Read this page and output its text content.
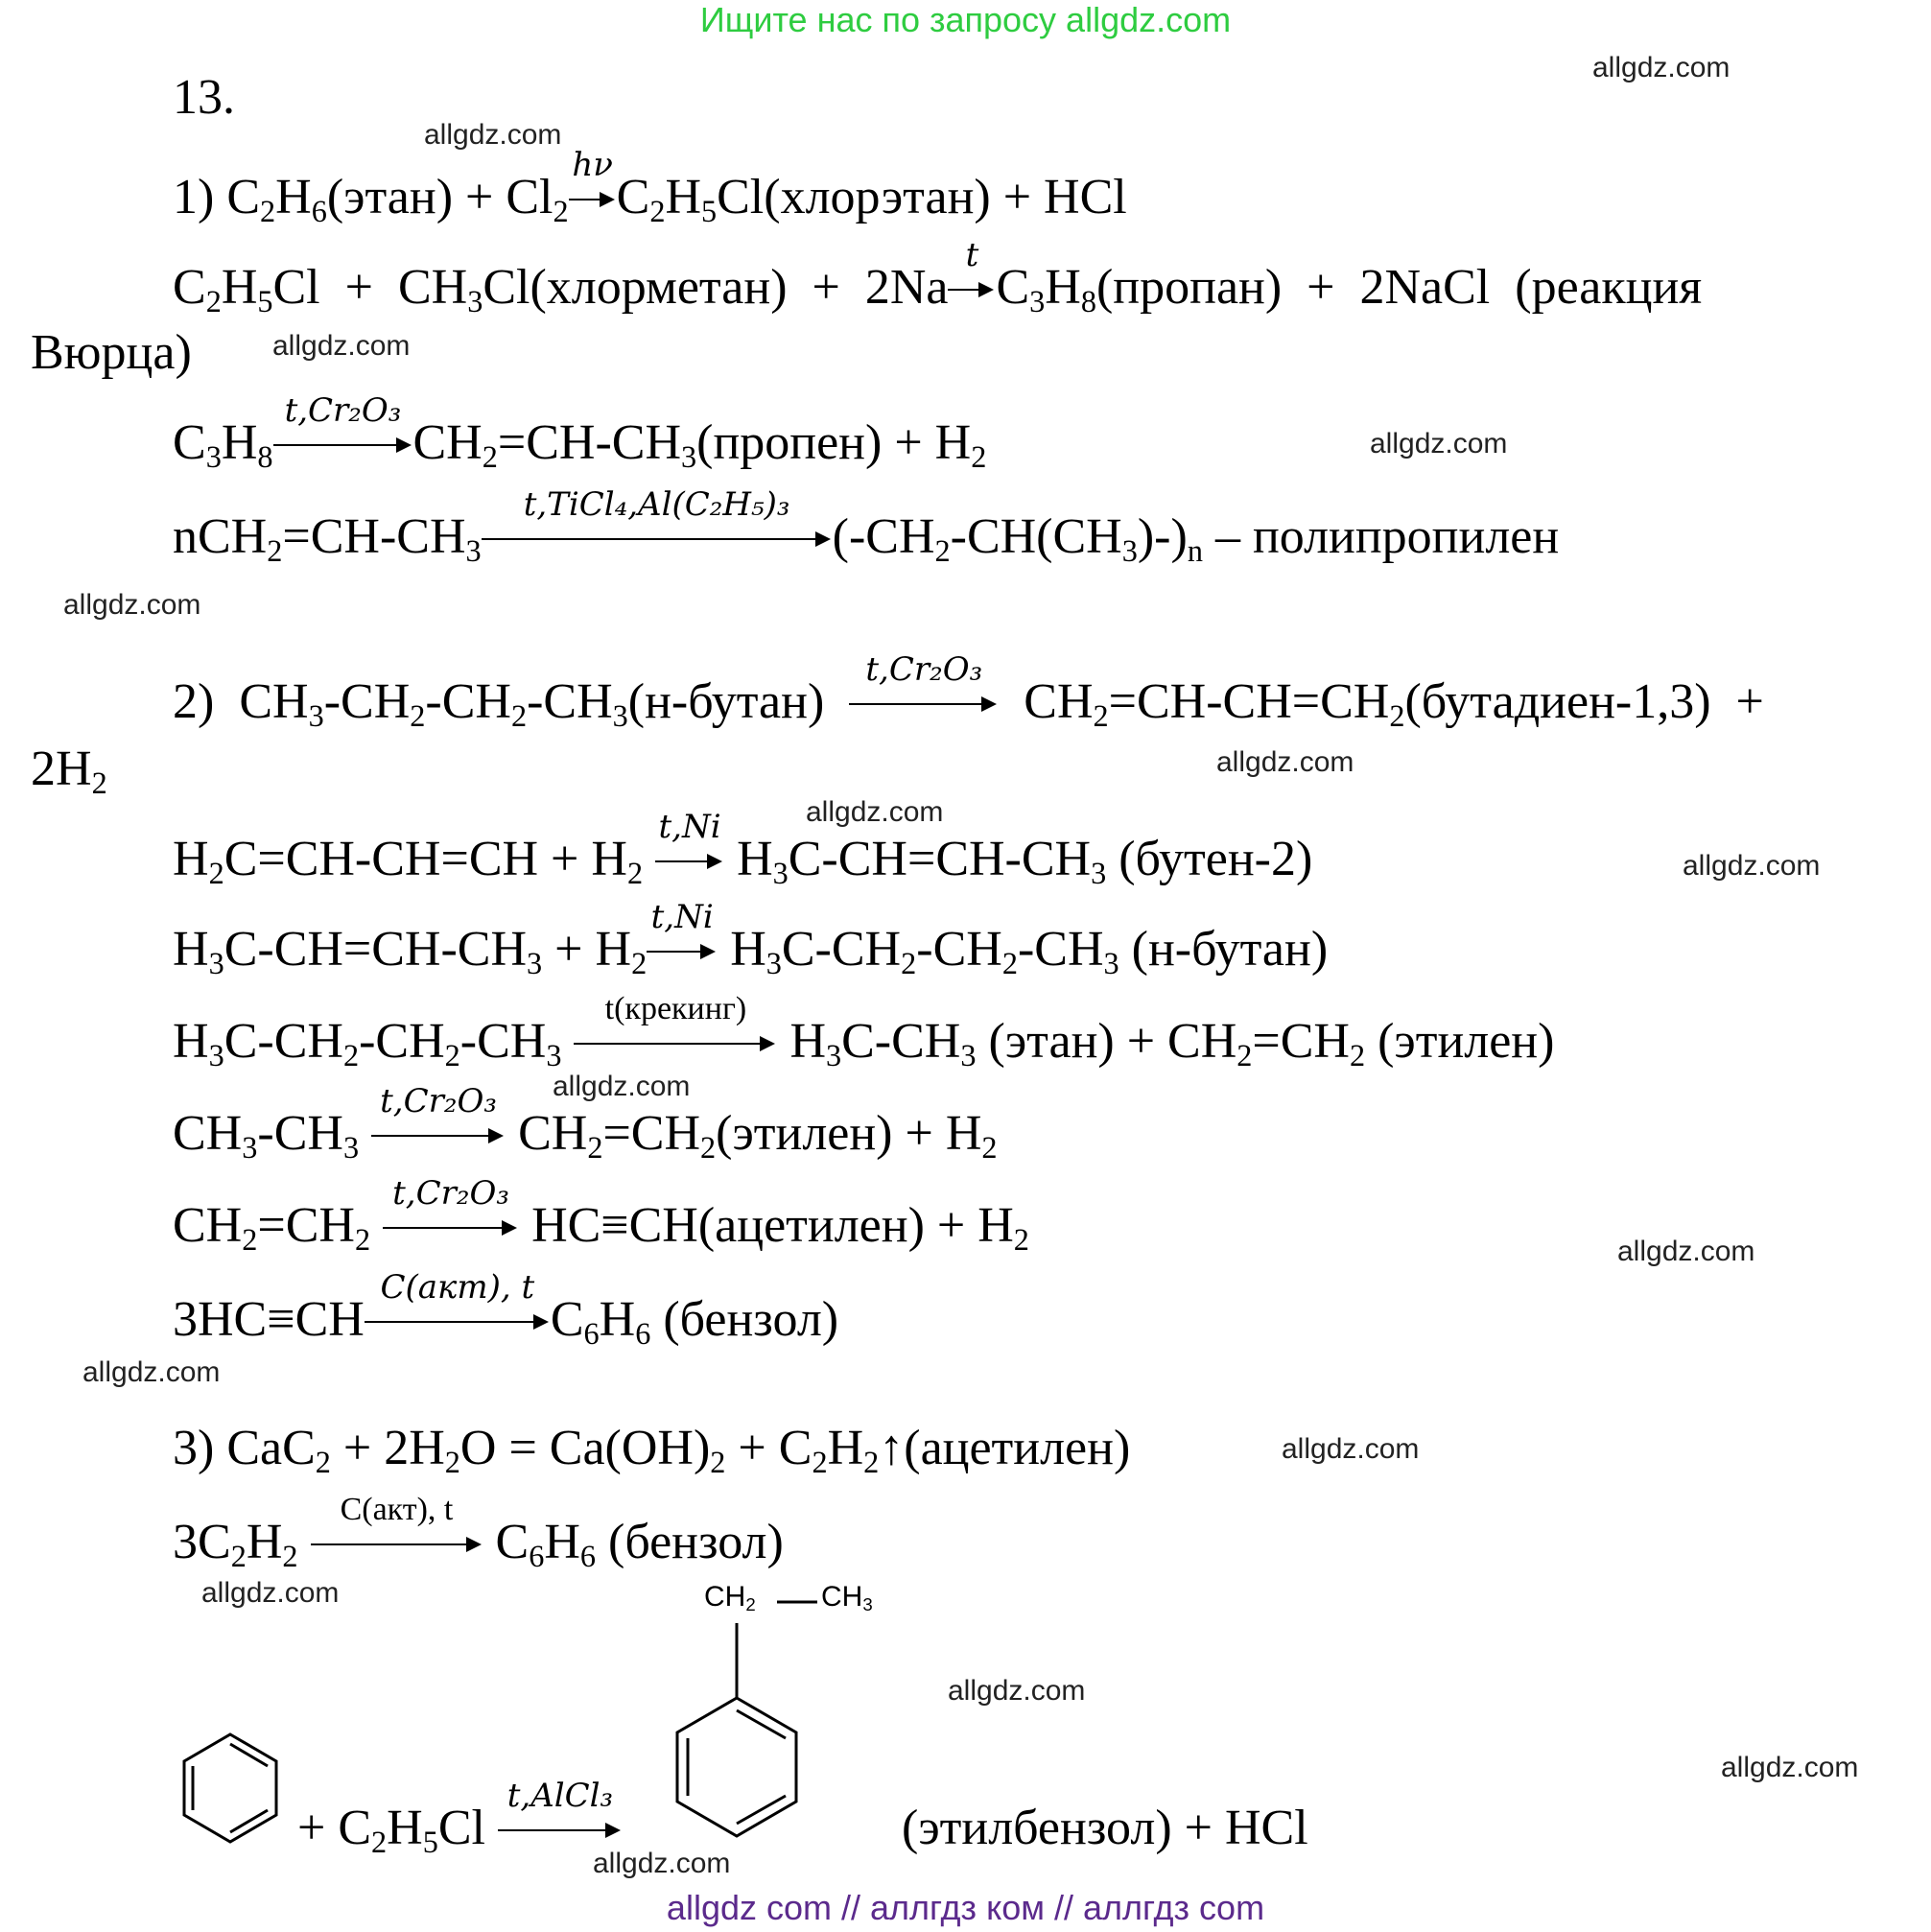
Ищите нас по запросу allgdz.com
13.
1) $C_2H_6(этан) + Cl_2$
hν
$C_2H_5Cl(хлорэтан)$ + HCl
$C_2H_5Cl$  +  $CH_3Cl(хлорметан) + 2Na$
t
$C_3H_8(пропан)$  +  2NaCl  (реакция
Вюрца)
$C_3H_8$
t,Cr₂O₃
$CH_2=CH-CH_3(пропен) + H_2$
$nCH_2=CH-CH_3$
t,TiCl₄,Al(C₂H₅)₃
$(-CH_2-CH(CH_3)-)_n$ – полипропилен
2)  $CH_3-CH_2-CH_2-CH_3(н-бутан)$
t,Cr₂O₃
$CH_2=CH-CH=CH_2(бутадиен-1,3)$  +
$2H_2$
$H_2C=CH-CH=CH + H_2$
t,Ni
$H_3C-CH=CH-CH_3$ (бутен-2)
$H_3C-CH=CH-CH_3 + H_2$
t,Ni
$H_3C-CH_2-CH_2-CH_3$ (н-бутан)
$H_3C-CH_2-CH_2-CH_3$
t(крекинг)
$H_3C-CH_3$ (этан) + $CH_2=CH_2$ (этилен)
$CH_3-CH_3$
t,Cr₂O₃
$CH_2=CH_2(этилен) + H_2$
$CH_2=CH_2$
t,Cr₂O₃
HC≡CH(ацетилен) + $H_2$
3HC≡CH
C(акт), t
$C_6H_6$ (бензол)
3) $CaC_2 + 2H_2O = Ca(OH)_2$ + $C_2H_2↑(ацетилен)$
$3C_2H_2$
C(акт), t
$C_6H_6$ (бензол)
+ $C_2H_5Cl$
t,AlCl₃
$CH_2$ $CH_3$
(этилбензол) + HCl
allgdz.com
allgdz.com
allgdz.com
allgdz.com
allgdz.com
allgdz.com
allgdz.com
allgdz.com
allgdz.com
allgdz.com
allgdz.com
allgdz.com
allgdz.com
allgdz.com
allgdz.com
allgdz.com
allgdz com // аллгдз ком // аллгдз com
